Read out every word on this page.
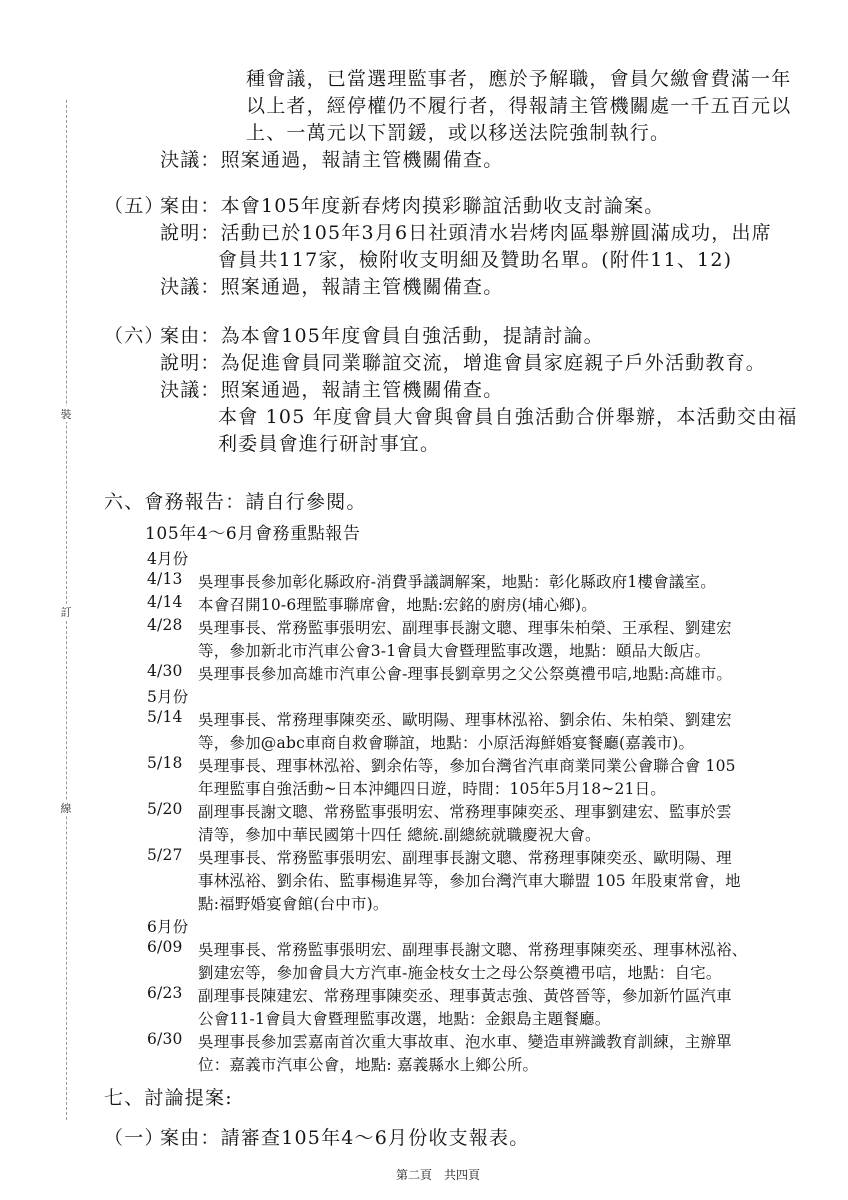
裝
訂
線
種會議，已當選理監事者，應於予解職，會員欠繳會費滿一年
以上者，經停權仍不履行者，得報請主管機關處一千五百元以
上、一萬元以下罰鍰，或以移送法院強制執行。
決議：照案通過，報請主管機關備查。
（五）
案由：本會105年度新春烤肉摸彩聯誼活動收支討論案。
說明：活動已於105年3月6日社頭清水岩烤肉區舉辦圓滿成功，出席
會員共117家，檢附收支明細及贊助名單。(附件11、12)
決議：照案通過，報請主管機關備查。
（六）
案由：為本會105年度會員自強活動，提請討論。
說明：為促進會員同業聯誼交流，增進會員家庭親子戶外活動教育。
決議：照案通過，報請主管機關備查。
本會 105 年度會員大會與會員自強活動合併舉辦，本活動交由福
利委員會進行研討事宜。
六、會務報告：請自行參閱。
105年4～6月會務重點報告
4月份
4/13 吳理事長參加彰化縣政府-消費爭議調解案，地點：彰化縣政府1樓會議室。
4/14 本會召開10-6理監事聯席會，地點:宏銘的廚房(埔心鄉)。
4/28 吳理事長、常務監事張明宏、副理事長謝文聰、理事朱柏榮、王承程、劉建宏
等，參加新北市汽車公會3-1會員大會暨理監事改選，地點：頤品大飯店。
4/30 吳理事長參加高雄市汽車公會-理事長劉章男之父公祭奠禮弔唁,地點:高雄市。
5月份
5/14 吳理事長、常務理事陳奕丞、歐明陽、理事林泓裕、劉余佑、朱柏榮、劉建宏
等，參加@abc車商自救會聯誼，地點：小原活海鮮婚宴餐廳(嘉義市)。
5/18 吳理事長、理事林泓裕、劉余佑等，參加台灣省汽車商業同業公會聯合會 105
年理監事自強活動~日本沖繩四日遊，時間：105年5月18~21日。
5/20 副理事長謝文聰、常務監事張明宏、常務理事陳奕丞、理事劉建宏、監事於雲
清等，參加中華民國第十四任 總統.副總統就職慶祝大會。
5/27 吳理事長、常務監事張明宏、副理事長謝文聰、常務理事陳奕丞、歐明陽、理
事林泓裕、劉余佑、監事楊進昇等，參加台灣汽車大聯盟 105 年股東常會，地
點:福野婚宴會館(台中市)。
6月份
6/09 吳理事長、常務監事張明宏、副理事長謝文聰、常務理事陳奕丞、理事林泓裕、
劉建宏等，參加會員大方汽車-施金枝女士之母公祭奠禮弔唁，地點：自宅。
6/23 副理事長陳建宏、常務理事陳奕丞、理事黃志強、黃啓晉等，參加新竹區汽車
公會11-1會員大會暨理監事改選，地點：金銀島主題餐廳。
6/30 吳理事長參加雲嘉南首次重大事故車、泡水車、變造車辨識教育訓練，主辦單
位：嘉義市汽車公會，地點: 嘉義縣水上鄉公所。
七、討論提案:
（一）
案由：請審查105年4～6月份收支報表。
第二頁　共四頁
